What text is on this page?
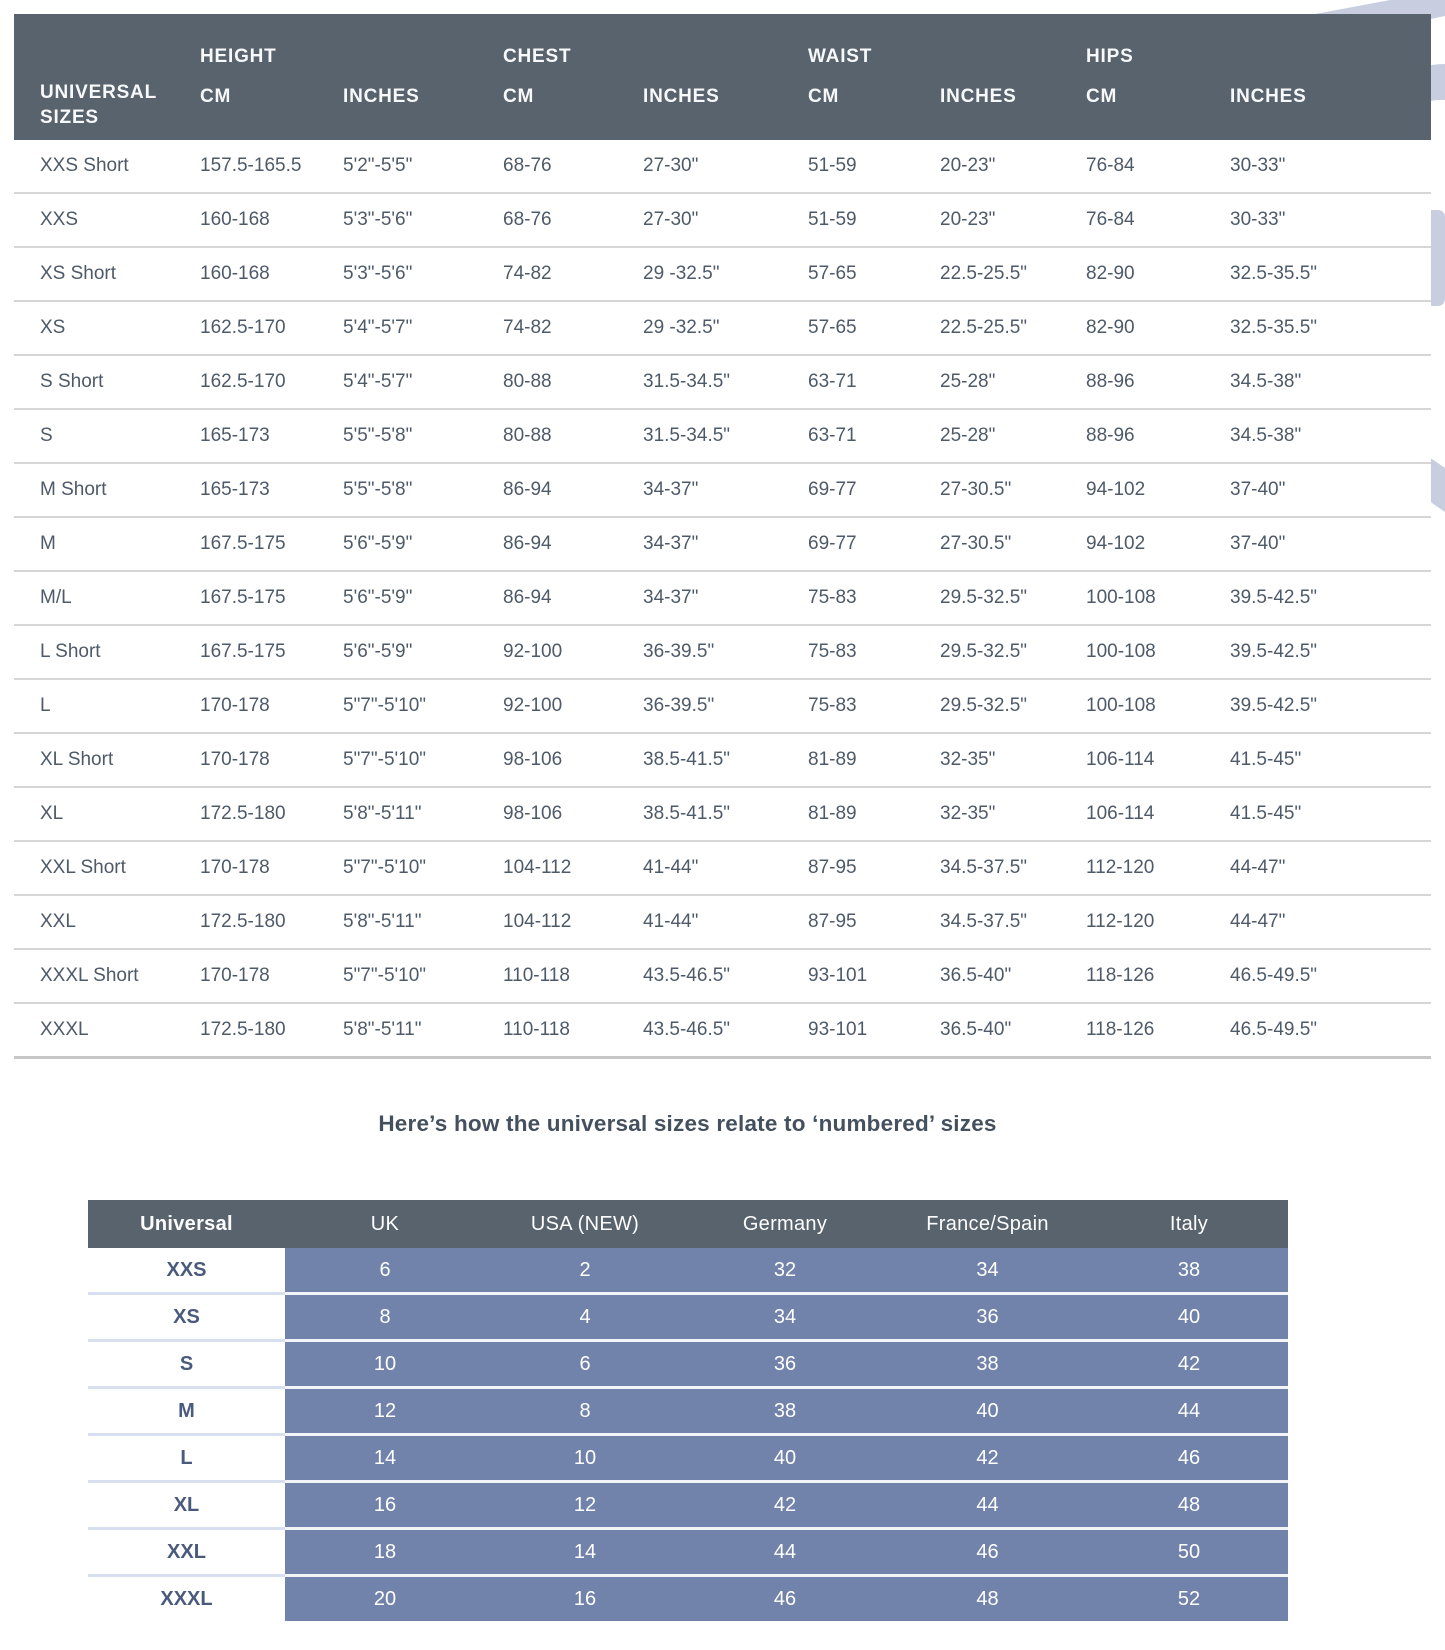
UNIVERSAL SIZES	HEIGHT		CHEST		WAIST		HIPS	
	CM	INCHES	CM	INCHES	CM	INCHES	CM	INCHES
XXS Short	157.5-165.5	5'2"-5'5"	68-76	27-30"	51-59	20-23"	76-84	30-33"
XXS	160-168	5'3"-5'6"	68-76	27-30"	51-59	20-23"	76-84	30-33"
XS Short	160-168	5'3"-5'6"	74-82	29 -32.5"	57-65	22.5-25.5"	82-90	32.5-35.5"
XS	162.5-170	5'4"-5'7"	74-82	29 -32.5"	57-65	22.5-25.5"	82-90	32.5-35.5"
S Short	162.5-170	5'4"-5'7"	80-88	31.5-34.5"	63-71	25-28"	88-96	34.5-38"
S	165-173	5'5"-5'8"	80-88	31.5-34.5"	63-71	25-28"	88-96	34.5-38"
M Short	165-173	5'5"-5'8"	86-94	34-37"	69-77	27-30.5"	94-102	37-40"
M	167.5-175	5'6"-5'9"	86-94	34-37"	69-77	27-30.5"	94-102	37-40"
M/L	167.5-175	5'6"-5'9"	86-94	34-37"	75-83	29.5-32.5"	100-108	39.5-42.5"
L Short	167.5-175	5'6"-5'9"	92-100	36-39.5"	75-83	29.5-32.5"	100-108	39.5-42.5"
L	170-178	5"7"-5'10"	92-100	36-39.5"	75-83	29.5-32.5"	100-108	39.5-42.5"
XL Short	170-178	5"7"-5'10"	98-106	38.5-41.5"	81-89	32-35"	106-114	41.5-45"
XL	172.5-180	5'8"-5'11"	98-106	38.5-41.5"	81-89	32-35"	106-114	41.5-45"
XXL Short	170-178	5"7"-5'10"	104-112	41-44"	87-95	34.5-37.5"	112-120	44-47"
XXL	172.5-180	5'8"-5'11"	104-112	41-44"	87-95	34.5-37.5"	112-120	44-47"
XXXL Short	170-178	5"7"-5'10"	110-118	43.5-46.5"	93-101	36.5-40"	118-126	46.5-49.5"
XXXL	172.5-180	5'8"-5'11"	110-118	43.5-46.5"	93-101	36.5-40"	118-126	46.5-49.5"
Here’s how the universal sizes relate to ‘numbered’ sizes
Universal	UK	USA (NEW)	Germany	France/Spain	Italy
XXS	6	2	32	34	38
XS	8	4	34	36	40
S	10	6	36	38	42
M	12	8	38	40	44
L	14	10	40	42	46
XL	16	12	42	44	48
XXL	18	14	44	46	50
XXXL	20	16	46	48	52
